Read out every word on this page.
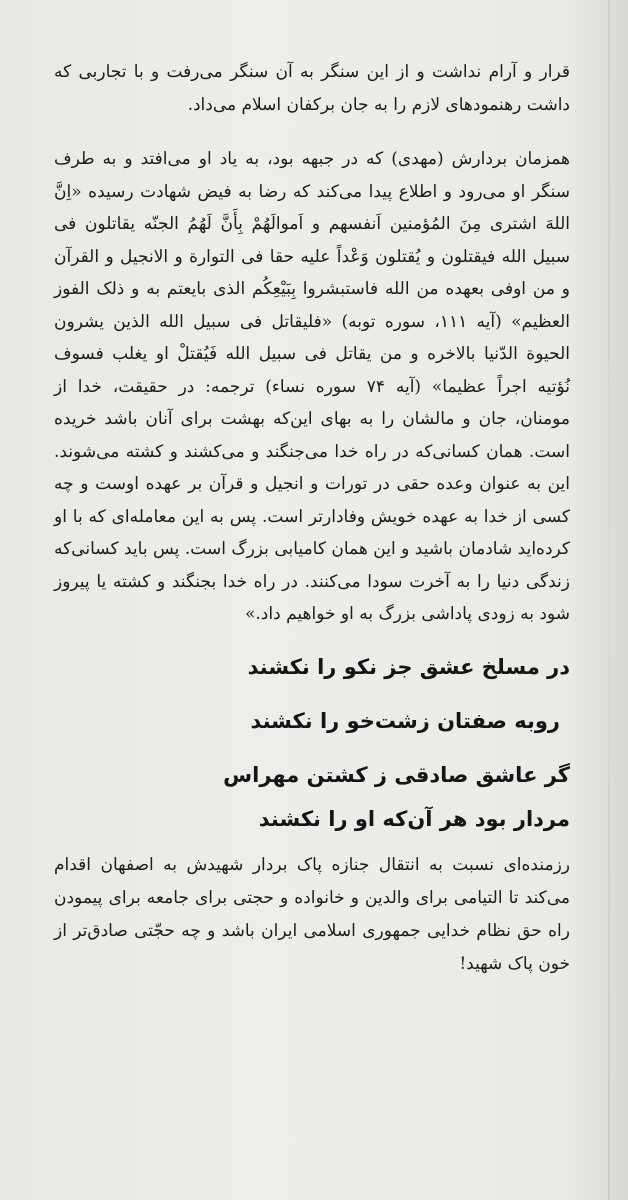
قرار و آرام نداشت و از این سنگر به آن سنگر می‌رفت و با تجاربی که داشت رهنمودهای لازم را به جان برکفان اسلام می‌داد.

همزمان بردارش (مهدی) که در جبهه بود، به یاد او می‌افتد و به طرف سنگر او می‌رود و اطلاع پیدا می‌کند که رضا به فیض شهادت رسیده «اِنَّ اللهَ اشتری مِنَ المُؤمنین اَنفسهم و اَموالَهُمْ بِأَنَّ لَهُمُ الجنّه یقاتلون فی سبیل الله فیقتلون و یُقتلون وَعْداً علیه حقا فی التوارة و الانجیل و القرآن و من اوفی بعهده من الله فاستبشروا بِبَیْعِکُم الذی بایعتم به و ذلک الفوز العظیم» (آیه ۱۱۱، سوره توبه) «فلیقاتل فی سبیل الله الذین یشرون الحیوة الدّنیا بالاخره و من یقاتل فی سبیل الله فَیُقتلْ او یغلب فسوف نُؤتیه اجراً عظیما» (آیه ۷۴ سوره نساء) ترجمه: در حقیقت، خدا از مومنان، جان و مالشان را به بهای این‌که بهشت برای آنان باشد خریده است. همان کسانی‌که در راه خدا می‌جنگند و می‌کشند و کشته می‌شوند. این به عنوان وعده حقی در تورات و انجیل و قرآن بر عهده اوست و چه کسی از خدا به عهده خویش وفادارتر است. پس به این معامله‌ای که با او کرده‌اید شادمان باشید و این همان کامیابی بزرگ است. پس باید کسانی‌که زندگی دنیا را به آخرت سودا می‌کنند. در راه خدا بجنگند و کشته یا پیروز شود به زودی پاداشی بزرگ به او خواهیم داد.»

در مسلخ عشق جز نکو را نکشند

روبه صفتان زشت‌خو را نکشند

گر عاشق صادقی ز کشتن مهراس

مردار بود هر آن‌که او را نکشند

رزمنده‌ای نسبت به انتقال جنازه پاک بردار شهیدش به اصفهان اقدام می‌کند تا التیامی برای والدین و خانواده و حجتی برای جامعه برای پیمودن راه حق نظام خدایی جمهوری اسلامی ایران باشد و چه حجّتی صادق‌تر از خون پاک شهید!
